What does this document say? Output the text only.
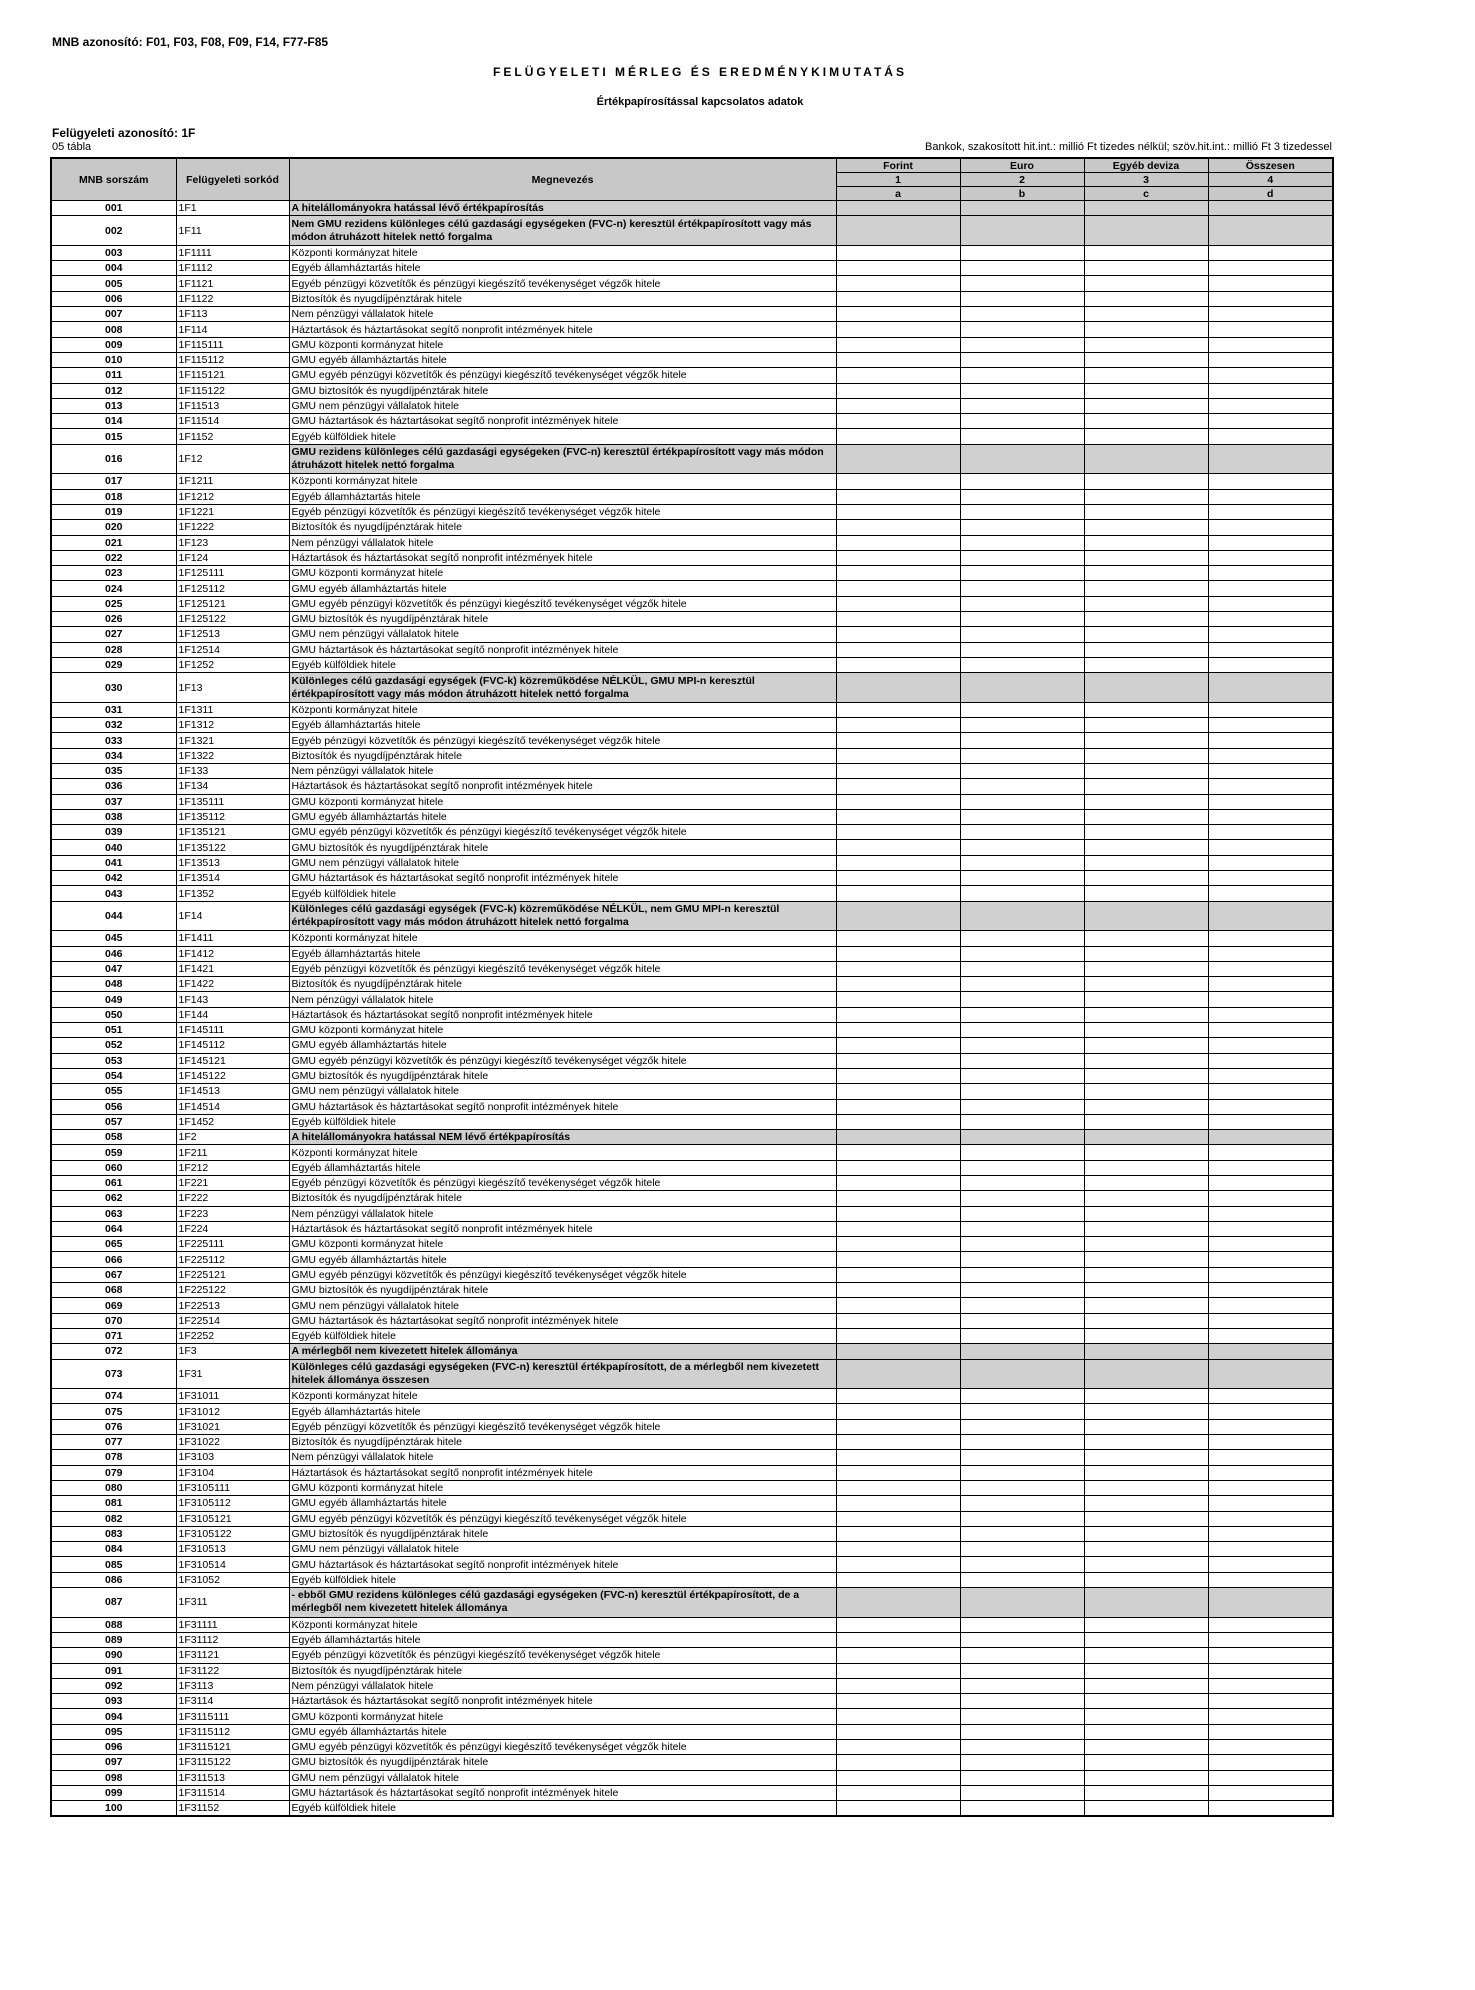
MNB azonosító: F01, F03, F08, F09, F14, F77-F85
FELÜGYELETI MÉRLEG ÉS EREDMÉNYKIMUTATÁS
Értékpapírosítással kapcsolatos adatok
Felügyeleti azonosító: 1F
05 tábla	Bankok, szakosított hit.int.: millió Ft tizedes nélkül; szöv.hit.int.: millió Ft 3 tizedessel
MNB sorszám	Felügyeleti sorkód	Megnevezés	Forint	Euro	Egyéb deviza	Összesen
			1	2	3	4
			a	b	c	d
001	1F1	A hitelállományokra hatással lévő értékpapírosítás				
002	1F11	Nem GMU rezidens különleges célú gazdasági egységeken (FVC-n) keresztül értékpapírosított vagy más módon átruházott hitelek nettó forgalma				
003	1F1111	Központi kormányzat hitele				
004	1F1112	Egyéb államháztartás hitele				
005	1F1121	Egyéb pénzügyi közvetítők és pénzügyi kiegészítő tevékenységet végzők hitele				
006	1F1122	Biztosítók és nyugdíjpénztárak hitele				
007	1F113	Nem pénzügyi vállalatok hitele				
008	1F114	Háztartások és háztartásokat segítő nonprofit intézmények hitele				
009	1F115111	GMU központi kormányzat hitele				
010	1F115112	GMU egyéb államháztartás hitele				
011	1F115121	GMU egyéb pénzügyi közvetítők és pénzügyi kiegészítő tevékenységet végzők hitele				
012	1F115122	GMU biztosítók és nyugdíjpénztárak hitele				
013	1F11513	GMU nem pénzügyi vállalatok hitele				
014	1F11514	GMU háztartások és háztartásokat segítő nonprofit intézmények hitele				
015	1F1152	Egyéb külföldiek hitele				
016	1F12	GMU rezidens különleges célú gazdasági egységeken (FVC-n) keresztül értékpapírosított vagy más módon átruházott hitelek nettó forgalma				
017	1F1211	Központi kormányzat hitele				
018	1F1212	Egyéb államháztartás hitele				
019	1F1221	Egyéb pénzügyi közvetítők és pénzügyi kiegészítő tevékenységet végzők hitele				
020	1F1222	Biztosítók és nyugdíjpénztárak hitele				
021	1F123	Nem pénzügyi vállalatok hitele				
022	1F124	Háztartások és háztartásokat segítő nonprofit intézmények hitele				
023	1F125111	GMU központi kormányzat hitele				
024	1F125112	GMU egyéb államháztartás hitele				
025	1F125121	GMU egyéb pénzügyi közvetítők és pénzügyi kiegészítő tevékenységet végzők hitele				
026	1F125122	GMU biztosítók és nyugdíjpénztárak hitele				
027	1F12513	GMU nem pénzügyi vállalatok hitele				
028	1F12514	GMU háztartások és háztartásokat segítő nonprofit intézmények hitele				
029	1F1252	Egyéb külföldiek hitele				
030	1F13	Különleges célú gazdasági egységek (FVC-k) közreműködése NÉLKÜL, GMU MPI-n keresztül értékpapírosított vagy más módon átruházott hitelek nettó forgalma				
031	1F1311	Központi kormányzat hitele				
032	1F1312	Egyéb államháztartás hitele				
033	1F1321	Egyéb pénzügyi közvetítők és pénzügyi kiegészítő tevékenységet végzők hitele				
034	1F1322	Biztosítók és nyugdíjpénztárak hitele				
035	1F133	Nem pénzügyi vállalatok hitele				
036	1F134	Háztartások és háztartásokat segítő nonprofit intézmények hitele				
037	1F135111	GMU központi kormányzat hitele				
038	1F135112	GMU egyéb államháztartás hitele				
039	1F135121	GMU egyéb pénzügyi közvetítők és pénzügyi kiegészítő tevékenységet végzők hitele				
040	1F135122	GMU biztosítók és nyugdíjpénztárak hitele				
041	1F13513	GMU nem pénzügyi vállalatok hitele				
042	1F13514	GMU háztartások és háztartásokat segítő nonprofit intézmények hitele				
043	1F1352	Egyéb külföldiek hitele				
044	1F14	Különleges célú gazdasági egységek (FVC-k) közreműködése NÉLKÜL, nem GMU MPI-n keresztül értékpapírosított vagy más módon átruházott hitelek nettó forgalma				
045	1F1411	Központi kormányzat hitele				
046	1F1412	Egyéb államháztartás hitele				
047	1F1421	Egyéb pénzügyi közvetítők és pénzügyi kiegészítő tevékenységet végzők hitele				
048	1F1422	Biztosítók és nyugdíjpénztárak hitele				
049	1F143	Nem pénzügyi vállalatok hitele				
050	1F144	Háztartások és háztartásokat segítő nonprofit intézmények hitele				
051	1F145111	GMU központi kormányzat hitele				
052	1F145112	GMU egyéb államháztartás hitele				
053	1F145121	GMU egyéb pénzügyi közvetítők és pénzügyi kiegészítő tevékenységet végzők hitele				
054	1F145122	GMU biztosítók és nyugdíjpénztárak hitele				
055	1F14513	GMU nem pénzügyi vállalatok hitele				
056	1F14514	GMU háztartások és háztartásokat segítő nonprofit intézmények hitele				
057	1F1452	Egyéb külföldiek hitele				
058	1F2	A hitelállományokra hatással NEM lévő értékpapírosítás				
059	1F211	Központi kormányzat hitele				
060	1F212	Egyéb államháztartás hitele				
061	1F221	Egyéb pénzügyi közvetítők és pénzügyi kiegészítő tevékenységet végzők hitele				
062	1F222	Biztosítók és nyugdíjpénztárak hitele				
063	1F223	Nem pénzügyi vállalatok hitele				
064	1F224	Háztartások és háztartásokat segítő nonprofit intézmények hitele				
065	1F225111	GMU központi kormányzat hitele				
066	1F225112	GMU egyéb államháztartás hitele				
067	1F225121	GMU egyéb pénzügyi közvetítők és pénzügyi kiegészítő tevékenységet végzők hitele				
068	1F225122	GMU biztosítók és nyugdíjpénztárak hitele				
069	1F22513	GMU nem pénzügyi vállalatok hitele				
070	1F22514	GMU háztartások és háztartásokat segítő nonprofit intézmények hitele				
071	1F2252	Egyéb külföldiek hitele				
072	1F3	A mérlegből nem kivezetett hitelek állománya				
073	1F31	Különleges célú gazdasági egységeken (FVC-n) keresztül értékpapírosított, de a mérlegből nem kivezetett hitelek állománya összesen				
074	1F31011	Központi kormányzat hitele				
075	1F31012	Egyéb államháztartás hitele				
076	1F31021	Egyéb pénzügyi közvetítők és pénzügyi kiegészítő tevékenységet végzők hitele				
077	1F31022	Biztosítók és nyugdíjpénztárak hitele				
078	1F3103	Nem pénzügyi vállalatok hitele				
079	1F3104	Háztartások és háztartásokat segítő nonprofit intézmények hitele				
080	1F3105111	GMU központi kormányzat hitele				
081	1F3105112	GMU egyéb államháztartás hitele				
082	1F3105121	GMU egyéb pénzügyi közvetítők és pénzügyi kiegészítő tevékenységet végzők hitele				
083	1F3105122	GMU biztosítók és nyugdíjpénztárak hitele				
084	1F310513	GMU nem pénzügyi vállalatok hitele				
085	1F310514	GMU háztartások és háztartásokat segítő nonprofit intézmények hitele				
086	1F31052	Egyéb külföldiek hitele				
087	1F311	- ebből GMU rezidens különleges célú gazdasági egységeken (FVC-n) keresztül értékpapírosított, de a mérlegből nem kivezetett hitelek állománya				
088	1F31111	Központi kormányzat hitele				
089	1F31112	Egyéb államháztartás hitele				
090	1F31121	Egyéb pénzügyi közvetítők és pénzügyi kiegészítő tevékenységet végzők hitele				
091	1F31122	Biztosítók és nyugdíjpénztárak hitele				
092	1F3113	Nem pénzügyi vállalatok hitele				
093	1F3114	Háztartások és háztartásokat segítő nonprofit intézmények hitele				
094	1F3115111	GMU központi kormányzat hitele				
095	1F3115112	GMU egyéb államháztartás hitele				
096	1F3115121	GMU egyéb pénzügyi közvetítők és pénzügyi kiegészítő tevékenységet végzők hitele				
097	1F3115122	GMU biztosítók és nyugdíjpénztárak hitele				
098	1F311513	GMU nem pénzügyi vállalatok hitele				
099	1F311514	GMU háztartások és háztartásokat segítő nonprofit intézmények hitele				
100	1F31152	Egyéb külföldiek hitele				
